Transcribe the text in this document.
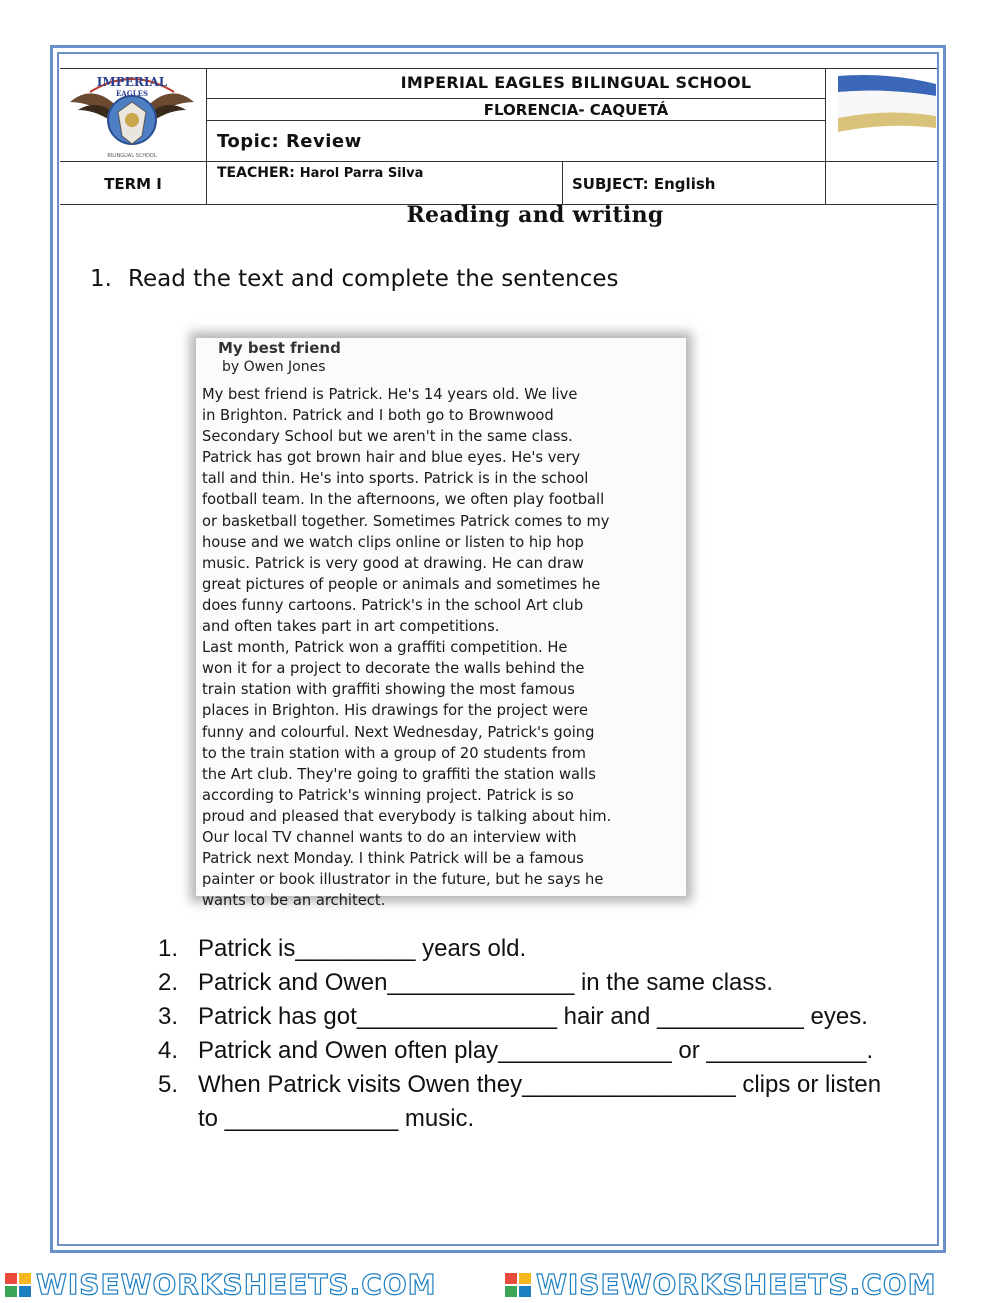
IMPERIAL EAGLES BILINGUAL SCHOOL
FLORENCIA- CAQUETÁ
Topic: Review
TERM I
TEACHER: Harol Parra Silva
SUBJECT: English
IMPERIAL
EAGLES
BILINGUAL SCHOOL
Reading and writing
1. Read the text and complete the sentences
My best friend
by Owen Jones
My best friend is Patrick. He's 14 years old. We live
in Brighton. Patrick and I both go to Brownwood
Secondary School but we aren't in the same class.
Patrick has got brown hair and blue eyes. He's very
tall and thin. He's into sports. Patrick is in the school
football team. In the afternoons, we often play football
or basketball together. Sometimes Patrick comes to my
house and we watch clips online or listen to hip hop
music. Patrick is very good at drawing. He can draw
great pictures of people or animals and sometimes he
does funny cartoons. Patrick's in the school Art club
and often takes part in art competitions.
Last month, Patrick won a graffiti competition. He
won it for a project to decorate the walls behind the
train station with graffiti showing the most famous
places in Brighton. His drawings for the project were
funny and colourful. Next Wednesday, Patrick's going
to the train station with a group of 20 students from
the Art club. They're going to graffiti the station walls
according to Patrick's winning project. Patrick is so
proud and pleased that everybody is talking about him.
Our local TV channel wants to do an interview with
Patrick next Monday. I think Patrick will be a famous
painter or book illustrator in the future, but he says he
wants to be an architect.
1. Patrick is_________ years old.
2. Patrick and Owen______________ in the same class.
3. Patrick has got_______________ hair and ___________ eyes.
4. Patrick and Owen often play_____________ or ____________.
5. When Patrick visits Owen they________________ clips or listen
to _____________ music.
WISEWORKSHEETS.COM	WISEWORKSHEETS.COM
